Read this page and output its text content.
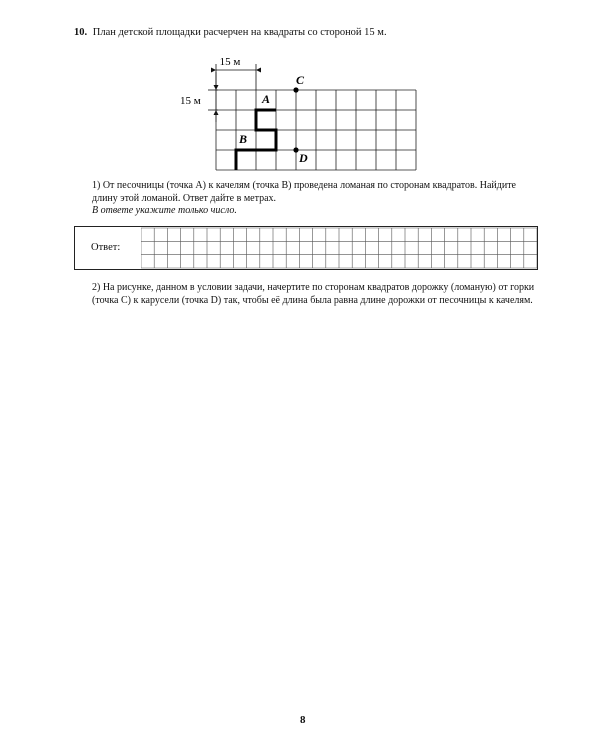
10. План детской площадки расчерчен на квадраты со стороной 15 м.
15 м
15 м	A
B
C
D
1) От песочницы (точка А) к качелям (точка В) проведена ломаная по сторонам квадратов. Найдите длину этой ломаной. Ответ дайте в метрах.
В ответе укажите только число.
Ответ:
2) На рисунке, данном в условии задачи, начертите по сторонам квадратов дорожку (ломаную) от горки (точка С) к карусели (точка D) так, чтобы её длина была равна длине дорожки от песочницы к качелям.
8
